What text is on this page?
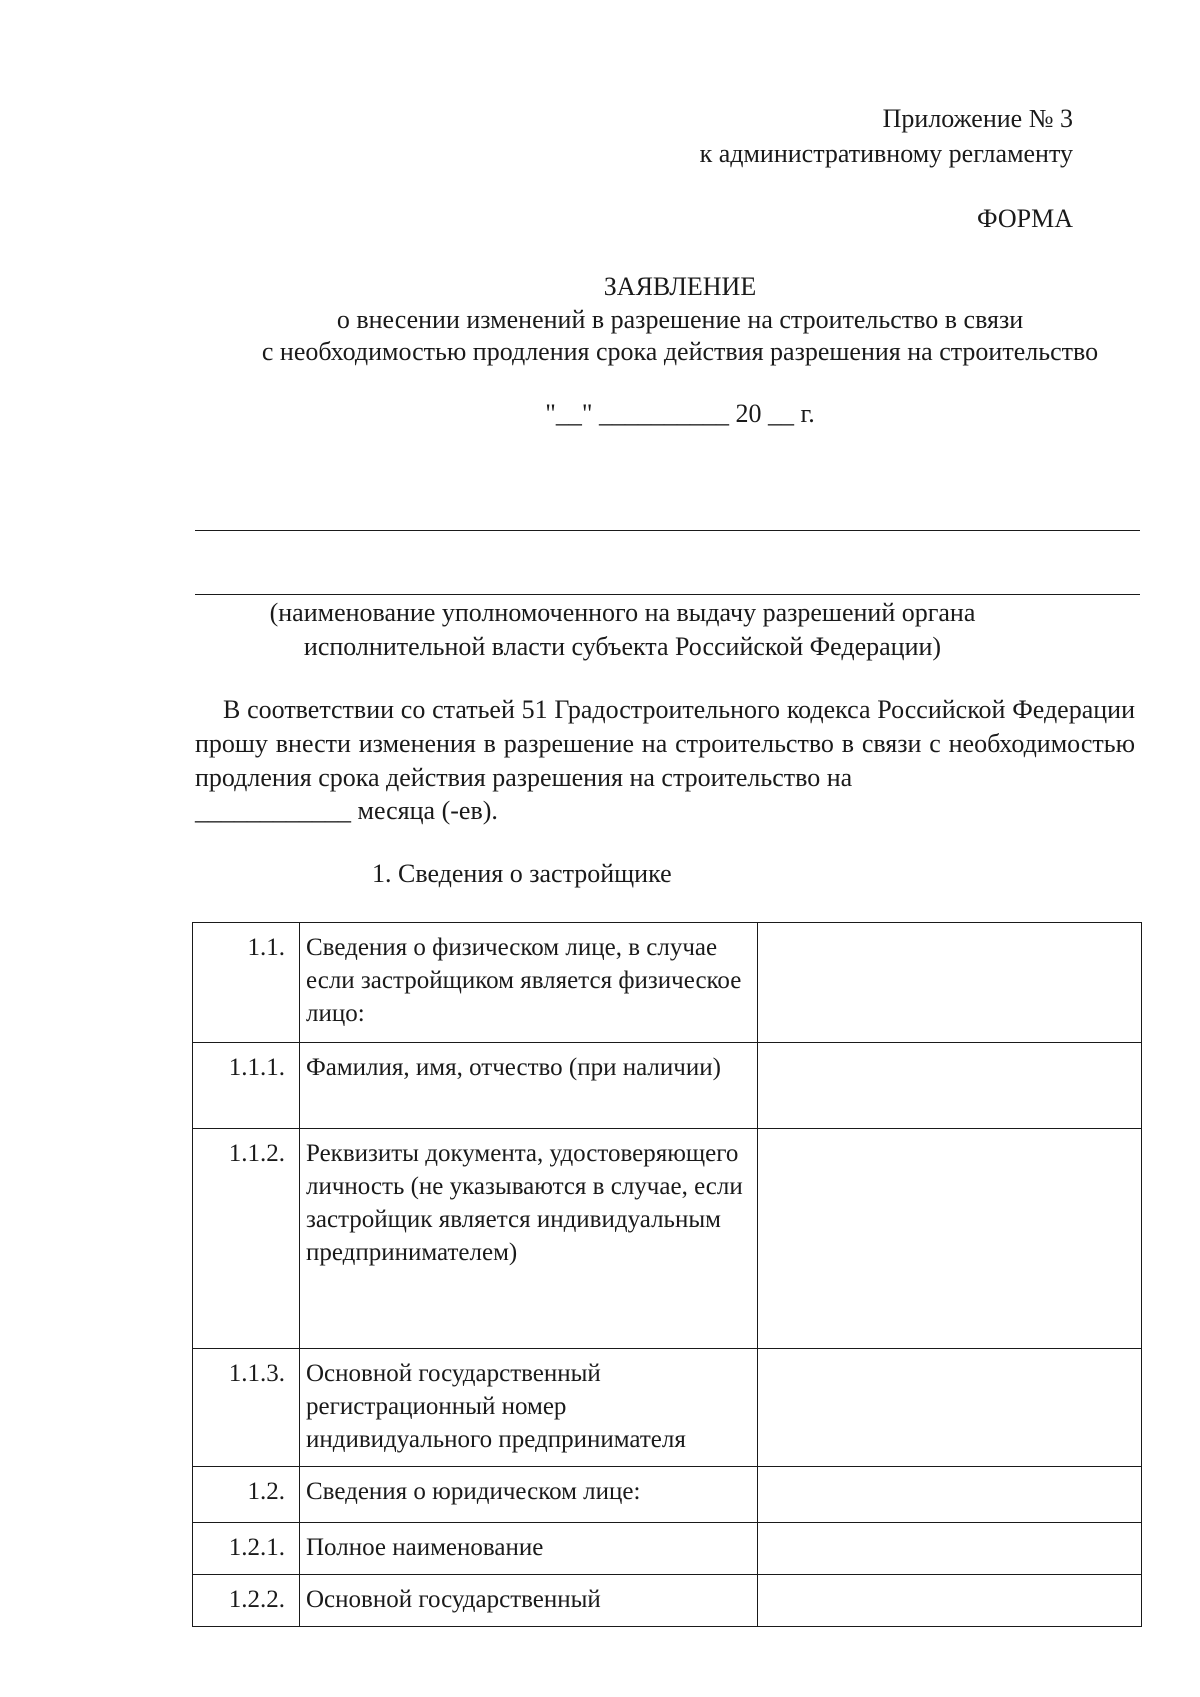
Приложение № 3
к административному регламенту
ФОРМА
ЗАЯВЛЕНИЕ
о внесении изменений в разрешение на строительство в связи
с необходимостью продления срока действия разрешения на строительство
"__" __________ 20 __ г.
(наименование уполномоченного на выдачу разрешений органа
исполнительной власти субъекта Российской Федерации)
В соответствии со статьей 51 Градостроительного кодекса Российской Федерации прошу внести изменения в разрешение на строительство в связи с необходимостью продления срока действия разрешения на строительство на
____________ месяца (-ев).
1. Сведения о застройщике
1.1.	Сведения о физическом лице, в случае если застройщиком является физическое лицо:	
1.1.1.	Фамилия, имя, отчество (при наличии)	
1.1.2.	Реквизиты документа, удостоверяющего личность (не указываются в случае, если застройщик является индивидуальным предпринимателем)	
1.1.3.	Основной государственный регистрационный номер индивидуального предпринимателя	
1.2.	Сведения о юридическом лице:	
1.2.1.	Полное наименование	
1.2.2.	Основной государственный	
